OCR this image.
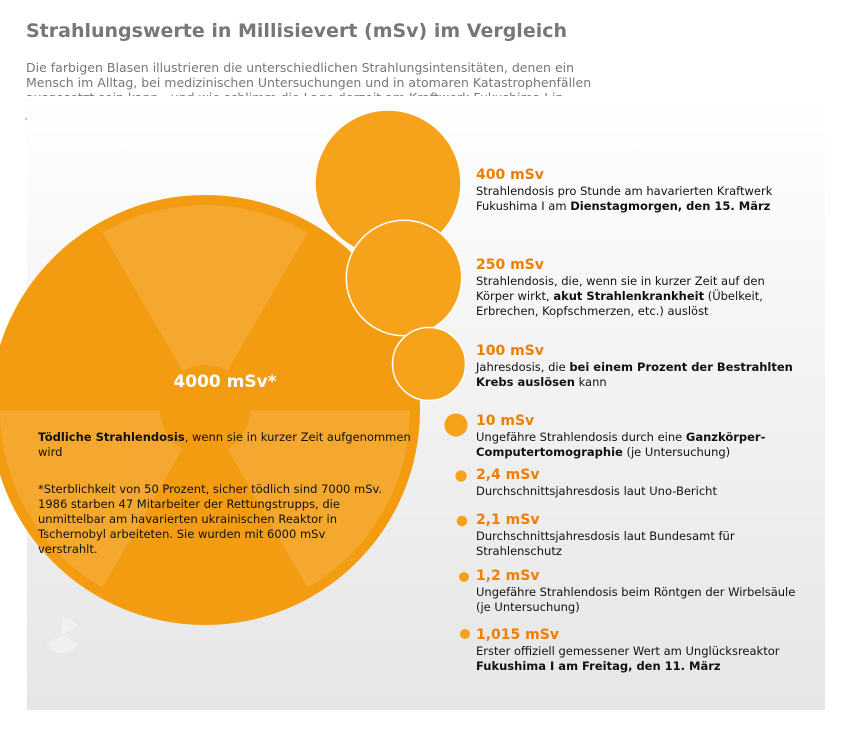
Strahlungswerte in Millisievert (mSv) im Vergleich

Die farbigen Blasen illustrieren die unterschiedlichen Strahlungsintensitäten, denen ein Mensch im Alltag, bei medizinischen Untersuchungen und in atomaren Katastrophenfällen

4000 mSv*
Tödliche Strahlendosis, wenn sie in kurzer Zeit aufgenommen wird
*Sterblichkeit von 50 Prozent, sicher tödlich sind 7000 mSv. 1986 starben 47 Mitarbeiter der Rettungstrupps, die unmittelbar am havarierten ukrainischen Reaktor in Tschernobyl arbeiteten. Sie wurden mit 6000 mSv verstrahlt.
400 mSv
Strahlendosis pro Stunde am havarierten Kraftwerk Fukushima I am Dienstagmorgen, den 15. März
250 mSv
Strahlendosis, die, wenn sie in kurzer Zeit auf den Körper wirkt, akut Strahlenkrankheit (Übelkeit, Erbrechen, Kopfschmerzen, etc.) auslöst
100 mSv
Jahresdosis, die bei einem Prozent der Bestrahlten Krebs auslösen kann
10 mSv
Ungefähre Strahlendosis durch eine Ganzkörper-Computertomographie (je Untersuchung)
2,4 mSv
Durchschnittsjahresdosis laut Uno-Bericht
2,1 mSv
Durchschnittsjahresdosis laut Bundesamt für Strahlenschutz
1,2 mSv
Ungefähre Strahlendosis beim Röntgen der Wirbelsäule (je Untersuchung)
1,015 mSv
Erster offiziell gemessener Wert am Unglücksreaktor Fukushima I am Freitag, den 11. März
